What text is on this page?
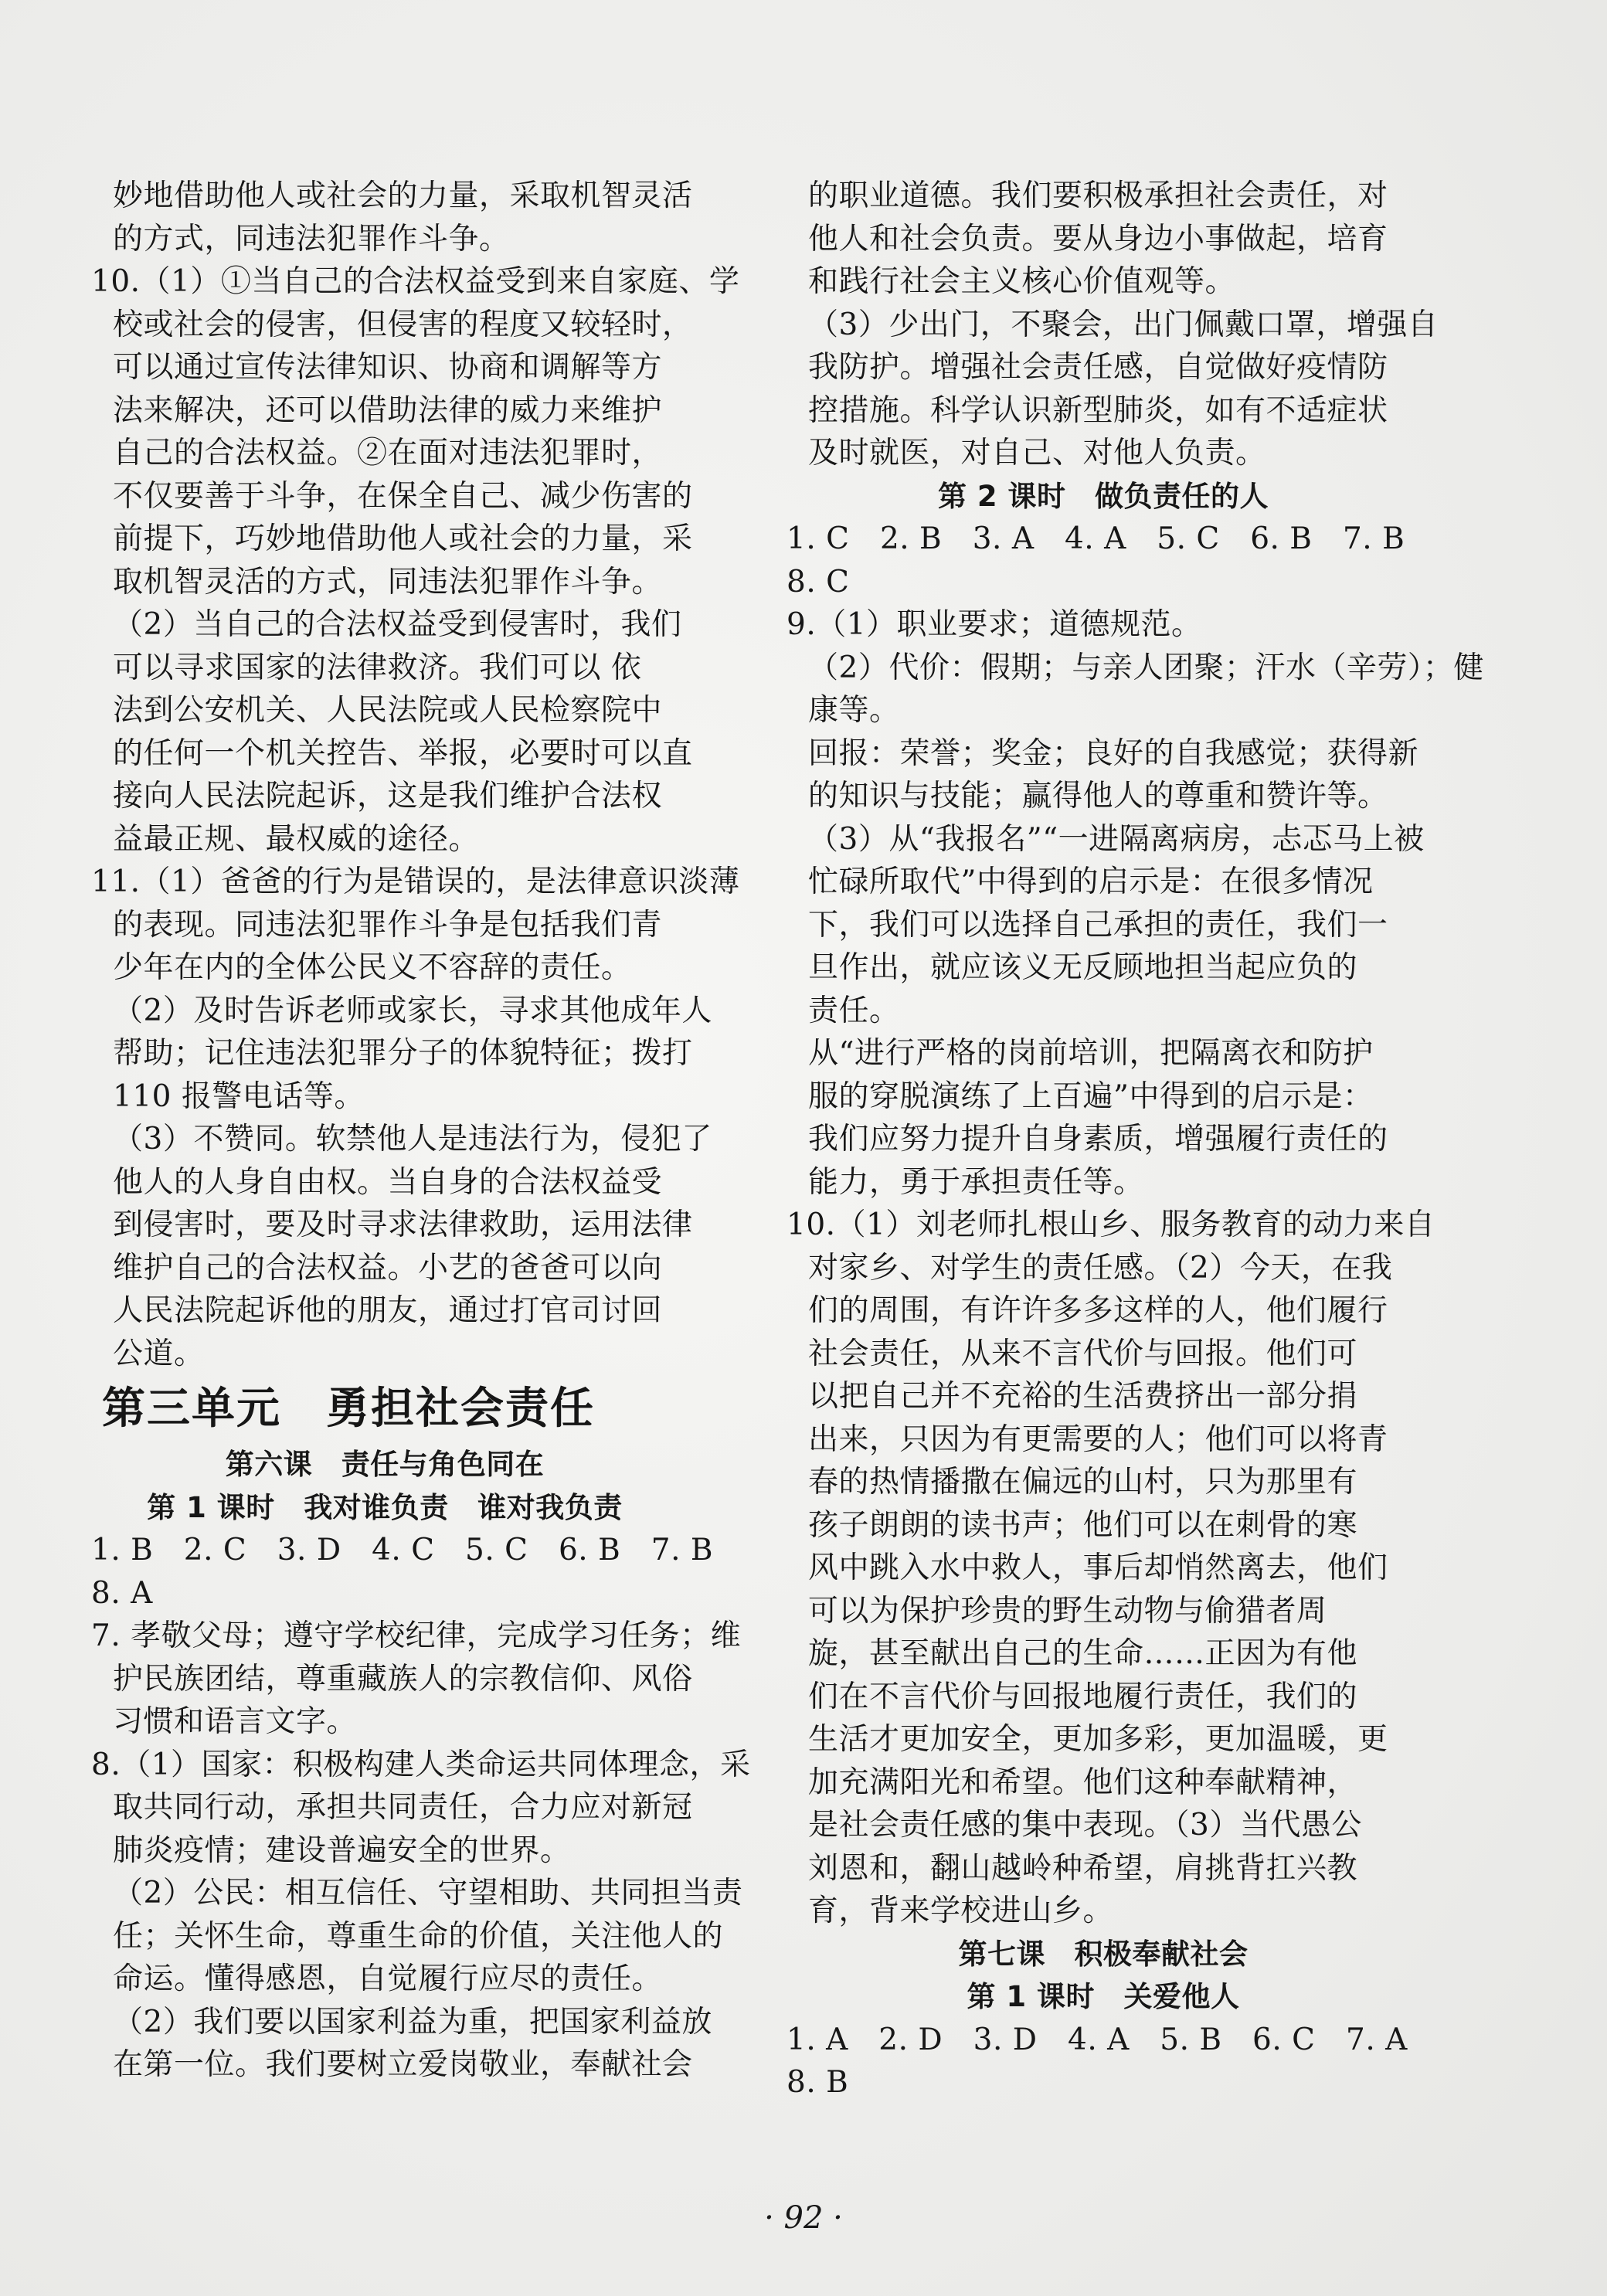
妙地借助他人或社会的力量，采取机智灵活
的方式，同违法犯罪作斗争。
10.（1）①当自己的合法权益受到来自家庭、学
校或社会的侵害，但侵害的程度又较轻时，
可以通过宣传法律知识、协商和调解等方
法来解决，还可以借助法律的威力来维护
自己的合法权益。②在面对违法犯罪时，
不仅要善于斗争，在保全自己、减少伤害的
前提下，巧妙地借助他人或社会的力量，采
取机智灵活的方式，同违法犯罪作斗争。
（2）当自己的合法权益受到侵害时，我们
可以寻求国家的法律救济。我们可以 依
法到公安机关、人民法院或人民检察院中
的任何一个机关控告、举报，必要时可以直
接向人民法院起诉，这是我们维护合法权
益最正规、最权威的途径。
11.（1）爸爸的行为是错误的，是法律意识淡薄
的表现。同违法犯罪作斗争是包括我们青
少年在内的全体公民义不容辞的责任。
（2）及时告诉老师或家长，寻求其他成年人
帮助；记住违法犯罪分子的体貌特征；拨打
110 报警电话等。
（3）不赞同。软禁他人是违法行为，侵犯了
他人的人身自由权。当自身的合法权益受
到侵害时，要及时寻求法律救助，运用法律
维护自己的合法权益。小艺的爸爸可以向
人民法院起诉他的朋友，通过打官司讨回
公道。
第三单元　勇担社会责任
第六课　责任与角色同在
第 1 课时　我对谁负责　谁对我负责
1. B　2. C　3. D　4. C　5. C　6. B　7. B
8. A
7. 孝敬父母；遵守学校纪律，完成学习任务；维
护民族团结，尊重藏族人的宗教信仰、风俗
习惯和语言文字。
8.（1）国家：积极构建人类命运共同体理念，采
取共同行动，承担共同责任，合力应对新冠
肺炎疫情；建设普遍安全的世界。
（2）公民：相互信任、守望相助、共同担当责
任；关怀生命，尊重生命的价值，关注他人的
命运。懂得感恩，自觉履行应尽的责任。
（2）我们要以国家利益为重，把国家利益放
在第一位。我们要树立爱岗敬业，奉献社会
的职业道德。我们要积极承担社会责任，对
他人和社会负责。要从身边小事做起，培育
和践行社会主义核心价值观等。
（3）少出门，不聚会，出门佩戴口罩，增强自
我防护。增强社会责任感，自觉做好疫情防
控措施。科学认识新型肺炎，如有不适症状
及时就医，对自己、对他人负责。
第 2 课时　做负责任的人
1. C　2. B　3. A　4. A　5. C　6. B　7. B
8. C
9.（1）职业要求；道德规范。
（2）代价：假期；与亲人团聚；汗水（辛劳）；健
康等。
回报：荣誉；奖金；良好的自我感觉；获得新
的知识与技能；赢得他人的尊重和赞许等。
（3）从“我报名”“一进隔离病房，忐忑马上被
忙碌所取代”中得到的启示是：在很多情况
下，我们可以选择自己承担的责任，我们一
旦作出，就应该义无反顾地担当起应负的
责任。
从“进行严格的岗前培训，把隔离衣和防护
服的穿脱演练了上百遍”中得到的启示是：
我们应努力提升自身素质，增强履行责任的
能力，勇于承担责任等。
10.（1）刘老师扎根山乡、服务教育的动力来自
对家乡、对学生的责任感。（2）今天，在我
们的周围，有许许多多这样的人，他们履行
社会责任，从来不言代价与回报。他们可
以把自己并不充裕的生活费挤出一部分捐
出来，只因为有更需要的人；他们可以将青
春的热情播撒在偏远的山村，只为那里有
孩子朗朗的读书声；他们可以在刺骨的寒
风中跳入水中救人，事后却悄然离去，他们
可以为保护珍贵的野生动物与偷猎者周
旋，甚至献出自己的生命……正因为有他
们在不言代价与回报地履行责任，我们的
生活才更加安全，更加多彩，更加温暖，更
加充满阳光和希望。他们这种奉献精神，
是社会责任感的集中表现。（3）当代愚公
刘恩和，翻山越岭种希望，肩挑背扛兴教
育，背来学校进山乡。
第七课　积极奉献社会
第 1 课时　关爱他人
1. A　2. D　3. D　4. A　5. B　6. C　7. A
8. B
· 92 ·
